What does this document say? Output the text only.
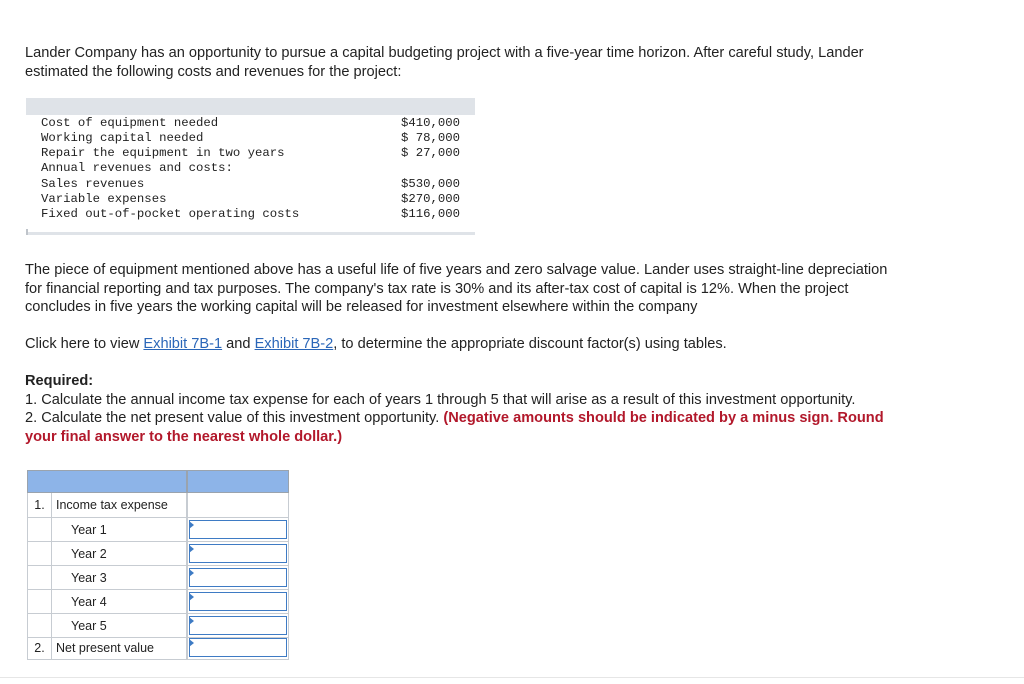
Lander Company has an opportunity to pursue a capital budgeting project with a five-year time horizon. After careful study, Lander
estimated the following costs and revenues for the project:
Cost of equipment needed	$410,000
Working capital needed	$ 78,000
Repair the equipment in two years	$ 27,000
Annual revenues and costs:
Sales revenues	$530,000
Variable expenses	$270,000
Fixed out-of-pocket operating costs	$116,000
The piece of equipment mentioned above has a useful life of five years and zero salvage value. Lander uses straight-line depreciation
for financial reporting and tax purposes. The company's tax rate is 30% and its after-tax cost of capital is 12%. When the project
concludes in five years the working capital will be released for investment elsewhere within the company
Click here to view Exhibit 7B-1 and Exhibit 7B-2, to determine the appropriate discount factor(s) using tables.
Required:
1. Calculate the annual income tax expense for each of years 1 through 5 that will arise as a result of this investment opportunity.
2. Calculate the net present value of this investment opportunity. (Negative amounts should be indicated by a minus sign. Round
your final answer to the nearest whole dollar.)
1. Income tax expense
Year 1
Year 2
Year 3
Year 4
Year 5
2. Net present value
